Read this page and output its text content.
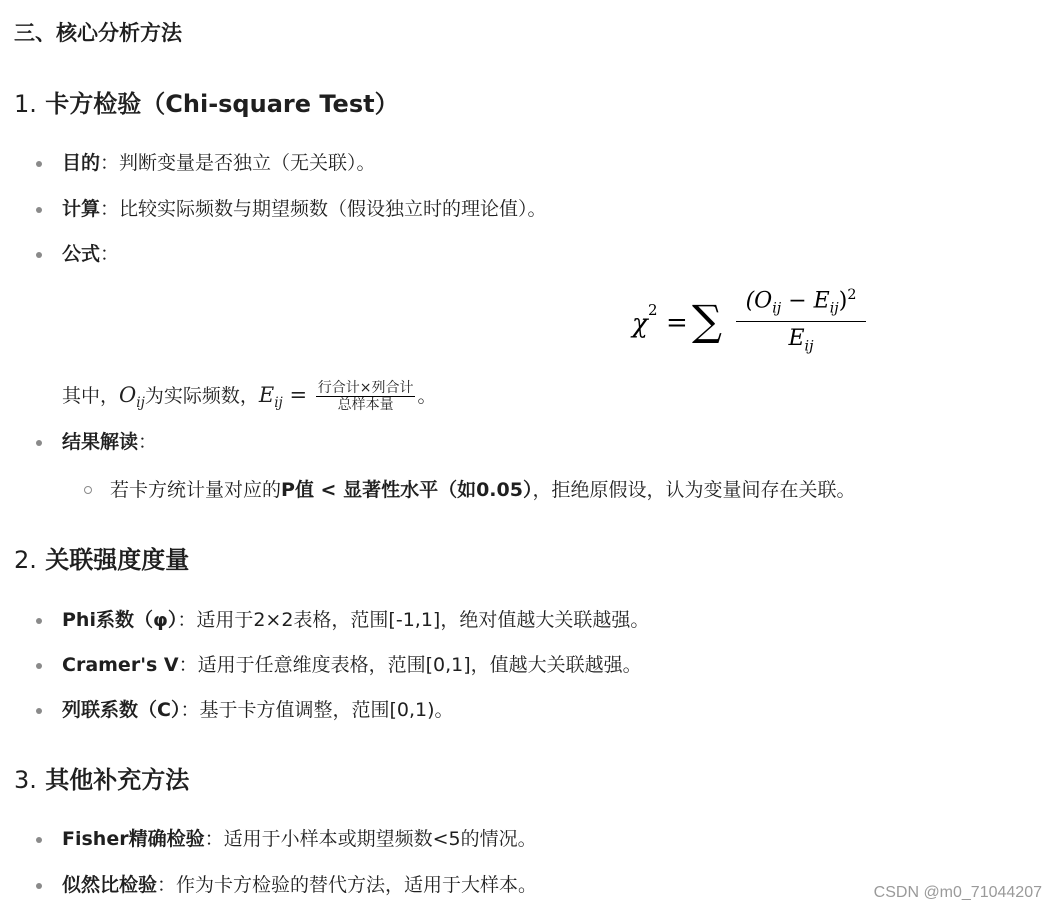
三、核心分析方法
1. 卡方检验（Chi-square Test）
目的：判断变量是否独立（无关联）。
计算：比较实际频数与期望频数（假设独立时的理论值）。
公式：
χ 2 = ∑	$(O_{ij} - E_{ij})^2$
$E_{ij}$
其中，$O_{ij}$为实际频数，$E_{ij}$ = 行合计×列合计
总样本量	。
结果解读：
若卡方统计量对应的P值 < 显著性水平（如0.05），拒绝原假设，认为变量间存在关联。
2. 关联强度度量
Phi系数（φ）：适用于2×2表格，范围[-1,1]，绝对值越大关联越强。
Cramer's V：适用于任意维度表格，范围[0,1]，值越大关联越强。
列联系数（C）：基于卡方值调整，范围[0,1)。
3. 其他补充方法
Fisher精确检验：适用于小样本或期望频数<5的情况。
似然比检验：作为卡方检验的替代方法，适用于大样本。	CSDN @m0_71044207
